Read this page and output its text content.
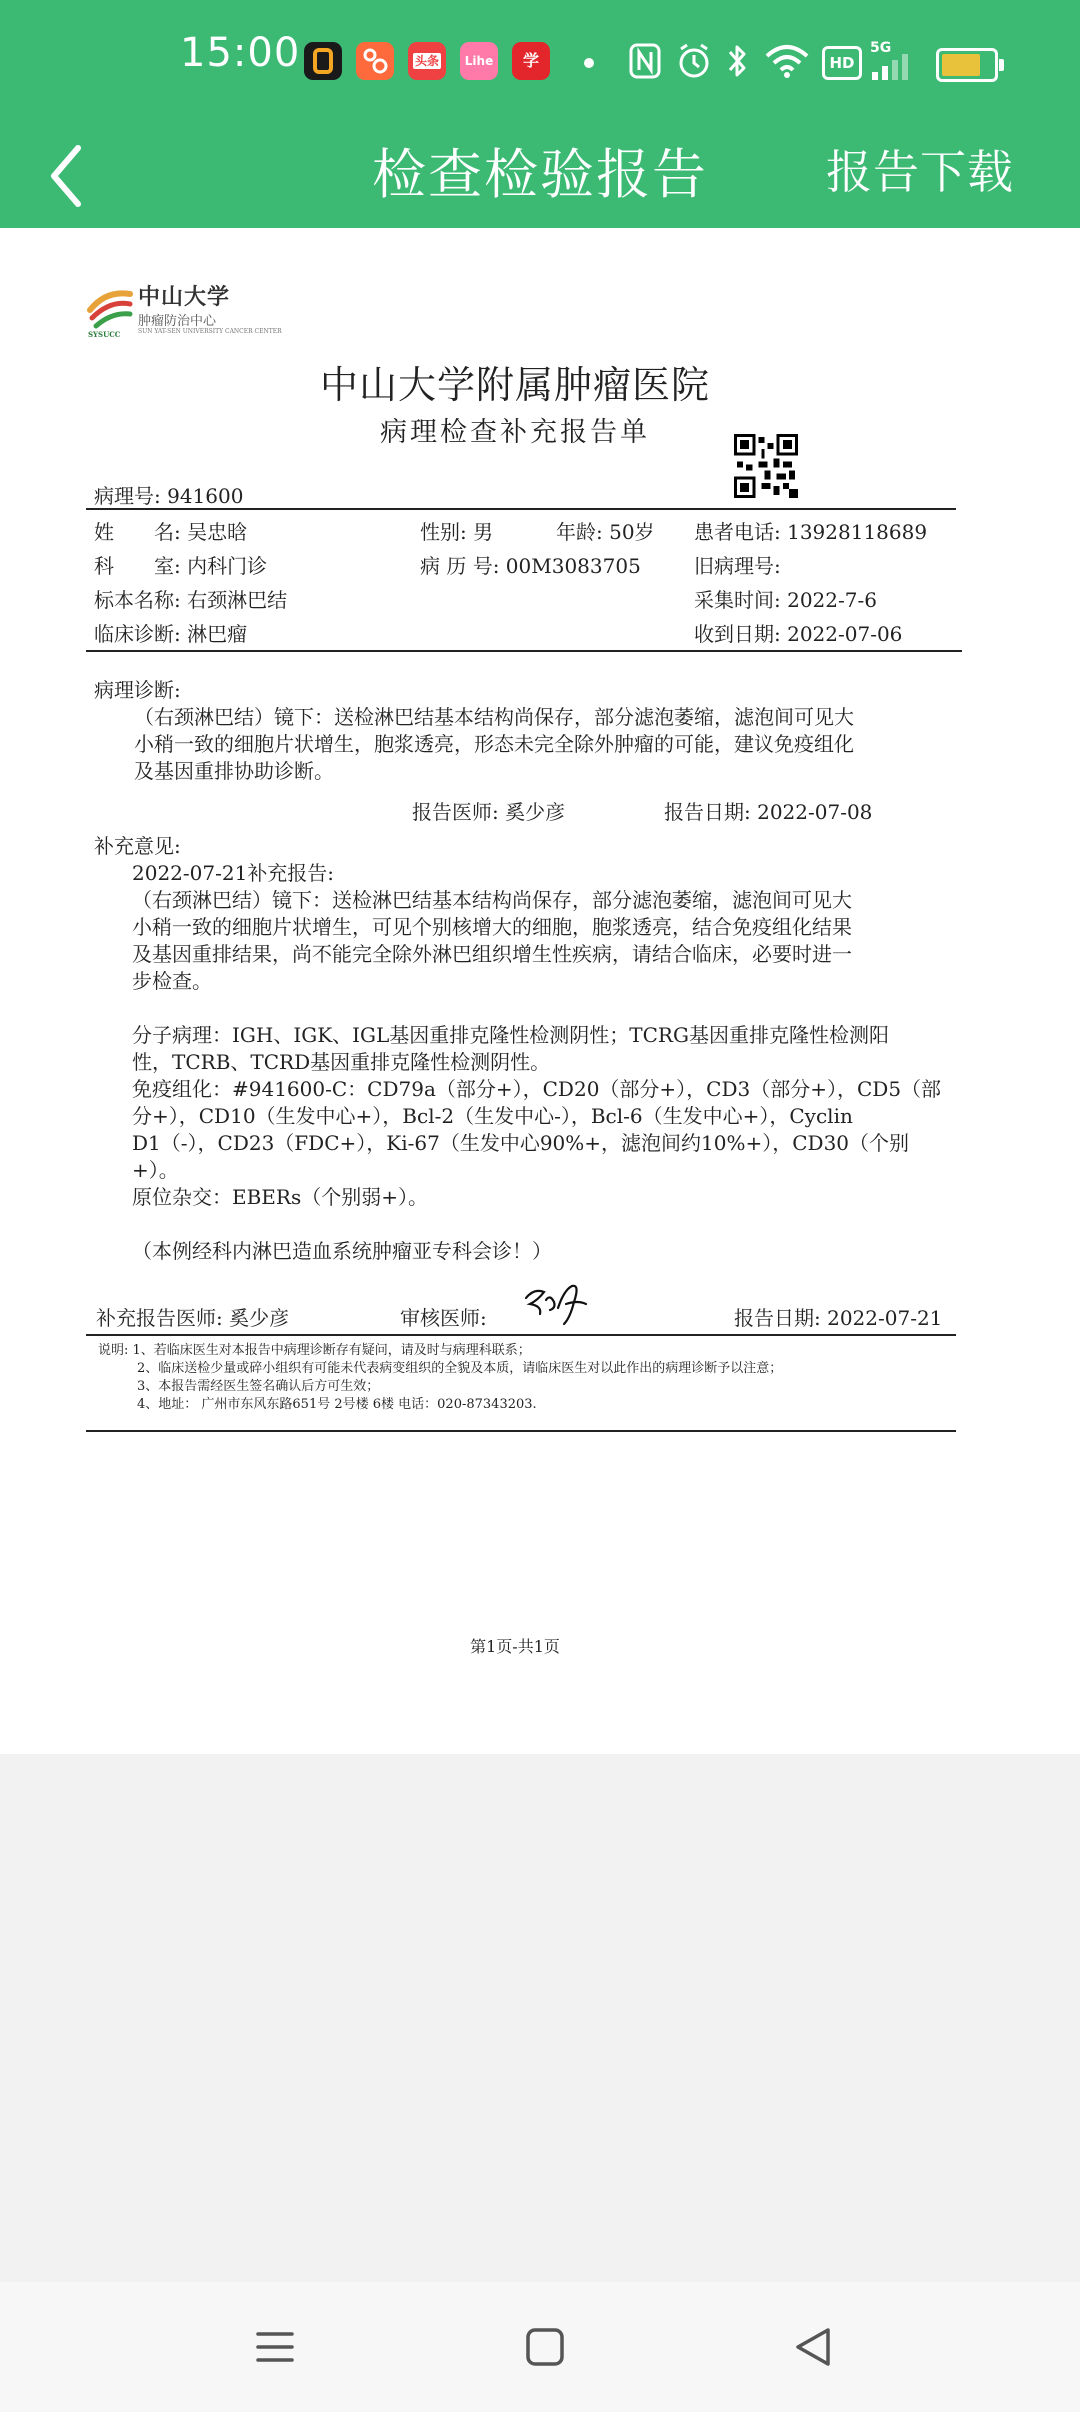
15:00	头条	Lihe	学	HD
5G
检查检验报告	报告下载
中山大学
肿瘤防治中心
SUN YAT-SEN UNIVERSITY CANCER CENTER
SYSUCC
中山大学附属肿瘤医院
病理检查补充报告单
病理号: 941600
姓　　名: 吴忠晗	性别: 男	年龄: 50岁 患者电话: 13928118689
科　　室: 内科门诊	病 历 号: 00M3083705	旧病理号:
标本名称: 右颈淋巴结	采集时间: 2022-7-6
临床诊断: 淋巴瘤	收到日期: 2022-07-06
病理诊断:
（右颈淋巴结）镜下：送检淋巴结基本结构尚保存，部分滤泡萎缩，滤泡间可见大
小稍一致的细胞片状增生，胞浆透亮，形态未完全除外肿瘤的可能，建议免疫组化
及基因重排协助诊断。
报告医师: 奚少彦	报告日期: 2022-07-08
补充意见:
2022-07-21补充报告:
（右颈淋巴结）镜下：送检淋巴结基本结构尚保存，部分滤泡萎缩，滤泡间可见大
小稍一致的细胞片状增生，可见个别核增大的细胞，胞浆透亮，结合免疫组化结果
及基因重排结果，尚不能完全除外淋巴组织增生性疾病，请结合临床，必要时进一
步检查。
分子病理：IGH、IGK、IGL基因重排克隆性检测阴性；TCRG基因重排克隆性检测阳
性，TCRB、TCRD基因重排克隆性检测阴性。
免疫组化：#941600-C：CD79a（部分+），CD20（部分+），CD3（部分+），CD5（部
分+），CD10（生发中心+），Bcl-2（生发中心-），Bcl-6（生发中心+），Cyclin
D1（-），CD23（FDC+），Ki-67（生发中心90%+，滤泡间约10%+），CD30（个别
+）。
原位杂交：EBERs（个别弱+）。
（本例经科内淋巴造血系统肿瘤亚专科会诊！）
补充报告医师: 奚少彦	审核医师:	报告日期: 2022-07-21
说明: 1、若临床医生对本报告中病理诊断存有疑问，请及时与病理科联系；
　　　2、临床送检少量或碎小组织有可能未代表病变组织的全貌及本质，请临床医生对以此作出的病理诊断予以注意；
　　　3、本报告需经医生签名确认后方可生效；
　　　4、地址： 广州市东风东路651号 2号楼 6楼 电话：020-87343203.
第1页-共1页
